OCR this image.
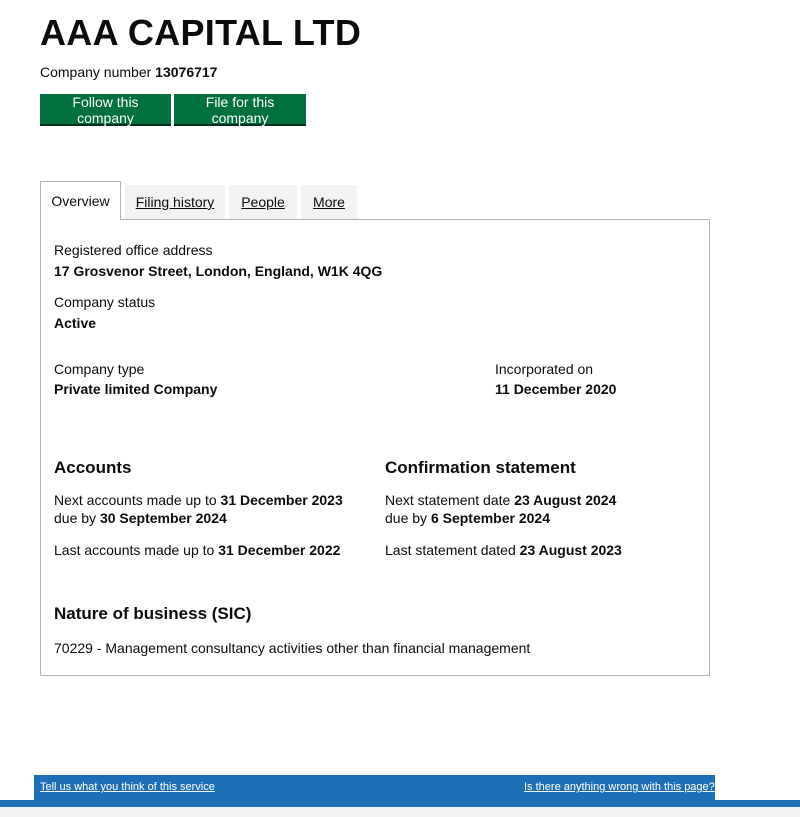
AAA CAPITAL LTD
Company number 13076717
Follow this company
File for this company
Overview	Filing history	People	More
Registered office address
17 Grosvenor Street, London, England, W1K 4QG
Company status
Active
Company type
Private limited Company
Incorporated on
11 December 2020
Accounts
Next accounts made up to 31 December 2023
due by 30 September 2024
Last accounts made up to 31 December 2022
Confirmation statement
Next statement date 23 August 2024
due by 6 September 2024
Last statement dated 23 August 2023
Nature of business (SIC)
70229 - Management consultancy activities other than financial management
Tell us what you think of this service	Is there anything wrong with this page?
